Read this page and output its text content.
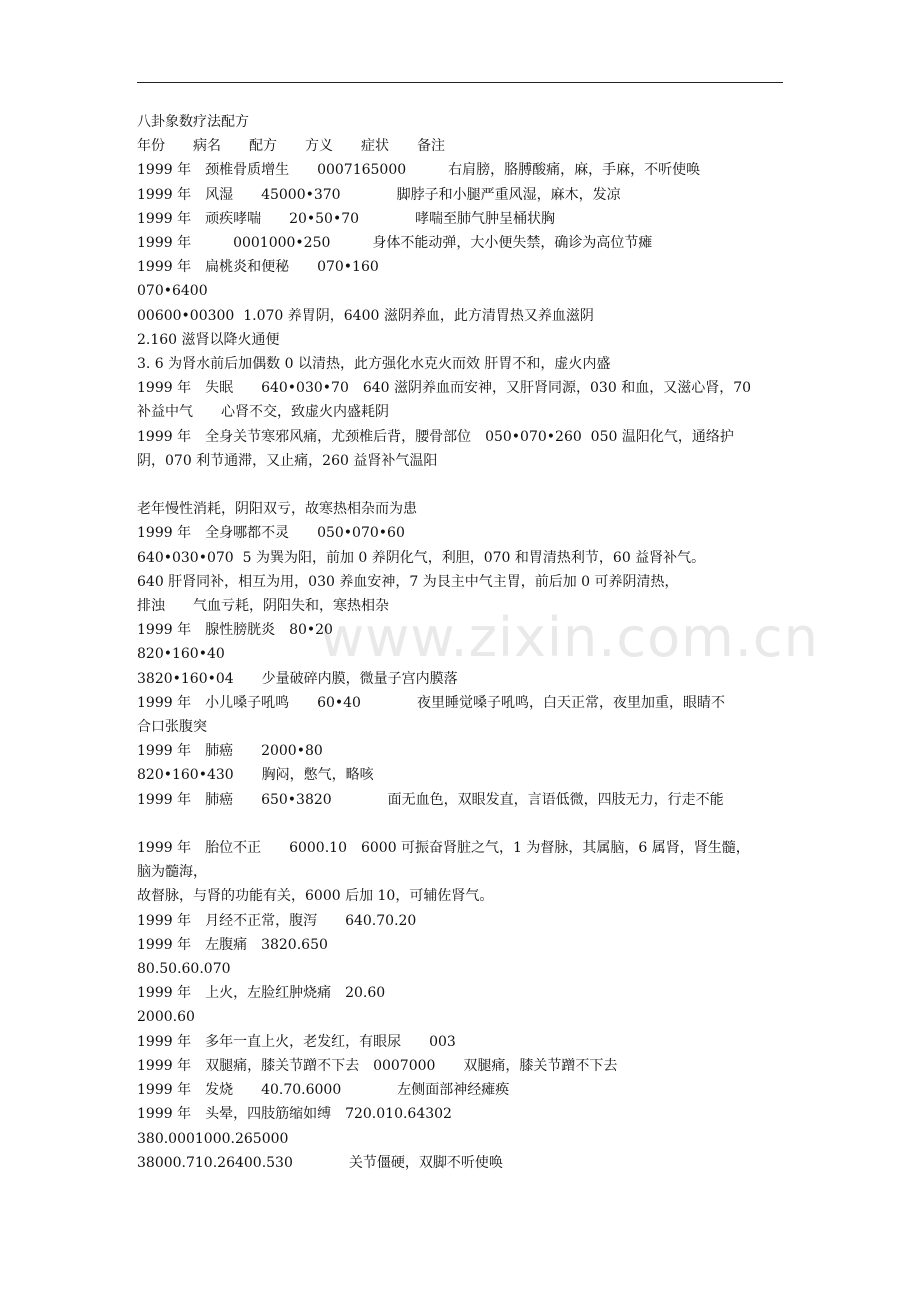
www.zixin.com.cn
八卦象数疗法配方
年份　　病名　　配方　　方义　　症状　　备注
1999 年　颈椎骨质增生　　0007165000　　　右肩膀，胳膊酸痛，麻，手麻，不听使唤
1999 年　风湿　　45000•370　　　　脚脖子和小腿严重风湿，麻木，发凉
1999 年　顽疾哮喘　　20•50•70　　　　哮喘至肺气肿呈桶状胸
1999 年　　　0001000•250　　　身体不能动弹，大小便失禁，确诊为高位节瘫
1999 年　扁桃炎和便秘　　070•160
070•6400
00600•00300  1.070 养胃阴，6400 滋阴养血，此方清胃热又养血滋阴
2.160 滋肾以降火通便
3. 6 为肾水前后加偶数 0 以清热，此方强化水克火而效 肝胃不和，虚火内盛
1999 年　失眠　　640•030•70　640 滋阴养血而安神，又肝肾同源，030 和血，又滋心肾，70
补益中气　　心肾不交，致虚火内盛耗阴
1999 年　全身关节寒邪风痛，尤颈椎后背，腰骨部位　050•070•260  050 温阳化气，通络护
阴，070 利节通滞，又止痛，260 益肾补气温阳
老年慢性消耗，阴阳双亏，故寒热相杂而为患
1999 年　全身哪都不灵　　050•070•60
640•030•070  5 为巽为阳，前加 0 养阴化气，利胆，070 和胃清热利节，60 益肾补气。
640 肝肾同补，相互为用，030 养血安神，7 为艮主中气主胃，前后加 0 可养阴清热，
排浊　　气血亏耗，阴阳失和，寒热相杂
1999 年　腺性膀胱炎　80•20
820•160•40
3820•160•04　　少量破碎内膜，微量子宫内膜落
1999 年　小儿嗓子吼鸣　　60•40　　　　夜里睡觉嗓子吼鸣，白天正常，夜里加重，眼睛不
合口张腹突
1999 年　肺癌　　2000•80
820•160•430　　胸闷，憋气，略咳
1999 年　肺癌　　650•3820　　　　面无血色，双眼发直，言语低微，四肢无力，行走不能
1999 年　胎位不正　　6000.10　6000 可振奋肾脏之气，1 为督脉，其属脑，6 属肾，肾生髓，
脑为髓海，
故督脉，与肾的功能有关，6000 后加 10，可辅佐肾气。
1999 年　月经不正常，腹泻　　640.70.20
1999 年　左腹痛　3820.650
80.50.60.070
1999 年　上火，左脸红肿烧痛　20.60
2000.60
1999 年　多年一直上火，老发红，有眼尿　　003
1999 年　双腿痛，膝关节蹭不下去　0007000　　双腿痛，膝关节蹭不下去
1999 年　发烧　　40.70.6000　　　　左侧面部神经瘫痪
1999 年　头晕，四肢筋缩如缚　720.010.64302
380.0001000.265000
38000.710.26400.530　　　　关节僵硬，双脚不听使唤
